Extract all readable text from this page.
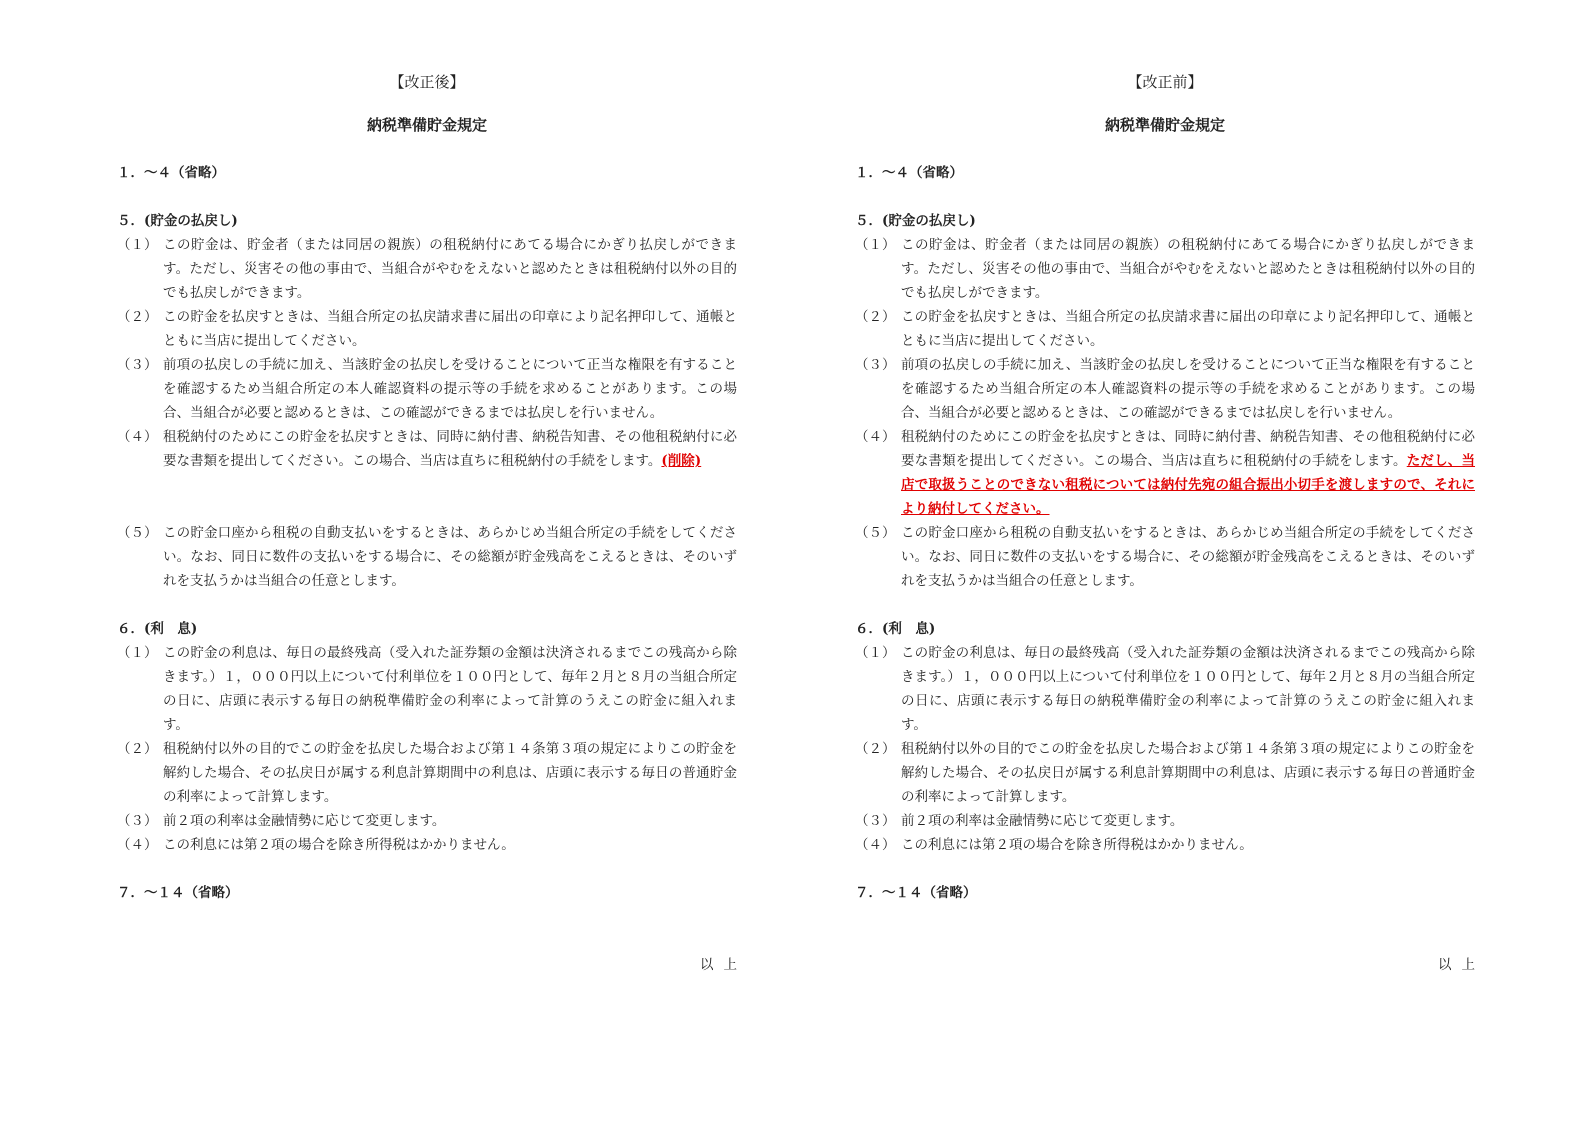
【改正後】
納税準備貯金規定
１．～４（省略）
５．(貯金の払戻し)
（１） この貯金は、貯金者（または同居の親族）の租税納付にあてる場合にかぎり払戻しができます。ただし、災害その他の事由で、当組合がやむをえないと認めたときは租税納付以外の目的でも払戻しができます。
（２） この貯金を払戻すときは、当組合所定の払戻請求書に届出の印章により記名押印して、通帳とともに当店に提出してください。
（３） 前項の払戻しの手続に加え、当該貯金の払戻しを受けることについて正当な権限を有することを確認するため当組合所定の本人確認資料の提示等の手続を求めることがあります。この場合、当組合が必要と認めるときは、この確認ができるまでは払戻しを行いません。
（４） 租税納付のためにこの貯金を払戻すときは、同時に納付書、納税告知書、その他租税納付に必要な書類を提出してください。この場合、当店は直ちに租税納付の手続をします。(削除)
（５） この貯金口座から租税の自動支払いをするときは、あらかじめ当組合所定の手続をしてください。なお、同日に数件の支払いをする場合に、その総額が貯金残高をこえるときは、そのいずれを支払うかは当組合の任意とします。
６．(利　息)
（１） この貯金の利息は、毎日の最終残高（受入れた証券類の金額は決済されるまでこの残高から除きます。）１，０００円以上について付利単位を１００円として、毎年２月と８月の当組合所定の日に、店頭に表示する毎日の納税準備貯金の利率によって計算のうえこの貯金に組入れます。
（２） 租税納付以外の目的でこの貯金を払戻した場合および第１４条第３項の規定によりこの貯金を解約した場合、その払戻日が属する利息計算期間中の利息は、店頭に表示する毎日の普通貯金の利率によって計算します。
（３） 前２項の利率は金融情勢に応じて変更します。
（４） この利息には第２項の場合を除き所得税はかかりません。
７．～１４（省略）
以上
【改正前】
納税準備貯金規定
１．～４（省略）
５．(貯金の払戻し)
（１） この貯金は、貯金者（または同居の親族）の租税納付にあてる場合にかぎり払戻しができます。ただし、災害その他の事由で、当組合がやむをえないと認めたときは租税納付以外の目的でも払戻しができます。
（２） この貯金を払戻すときは、当組合所定の払戻請求書に届出の印章により記名押印して、通帳とともに当店に提出してください。
（３） 前項の払戻しの手続に加え、当該貯金の払戻しを受けることについて正当な権限を有することを確認するため当組合所定の本人確認資料の提示等の手続を求めることがあります。この場合、当組合が必要と認めるときは、この確認ができるまでは払戻しを行いません。
（４） 租税納付のためにこの貯金を払戻すときは、同時に納付書、納税告知書、その他租税納付に必要な書類を提出してください。この場合、当店は直ちに租税納付の手続をします。ただし、当店で取扱うことのできない租税については納付先宛の組合振出小切手を渡しますので、それにより納付してください。
（５） この貯金口座から租税の自動支払いをするときは、あらかじめ当組合所定の手続をしてください。なお、同日に数件の支払いをする場合に、その総額が貯金残高をこえるときは、そのいずれを支払うかは当組合の任意とします。
６．(利　息)
（１） この貯金の利息は、毎日の最終残高（受入れた証券類の金額は決済されるまでこの残高から除きます。）１，０００円以上について付利単位を１００円として、毎年２月と８月の当組合所定の日に、店頭に表示する毎日の納税準備貯金の利率によって計算のうえこの貯金に組入れます。
（２） 租税納付以外の目的でこの貯金を払戻した場合および第１４条第３項の規定によりこの貯金を解約した場合、その払戻日が属する利息計算期間中の利息は、店頭に表示する毎日の普通貯金の利率によって計算します。
（３） 前２項の利率は金融情勢に応じて変更します。
（４） この利息には第２項の場合を除き所得税はかかりません。
７．～１４（省略）
以上
